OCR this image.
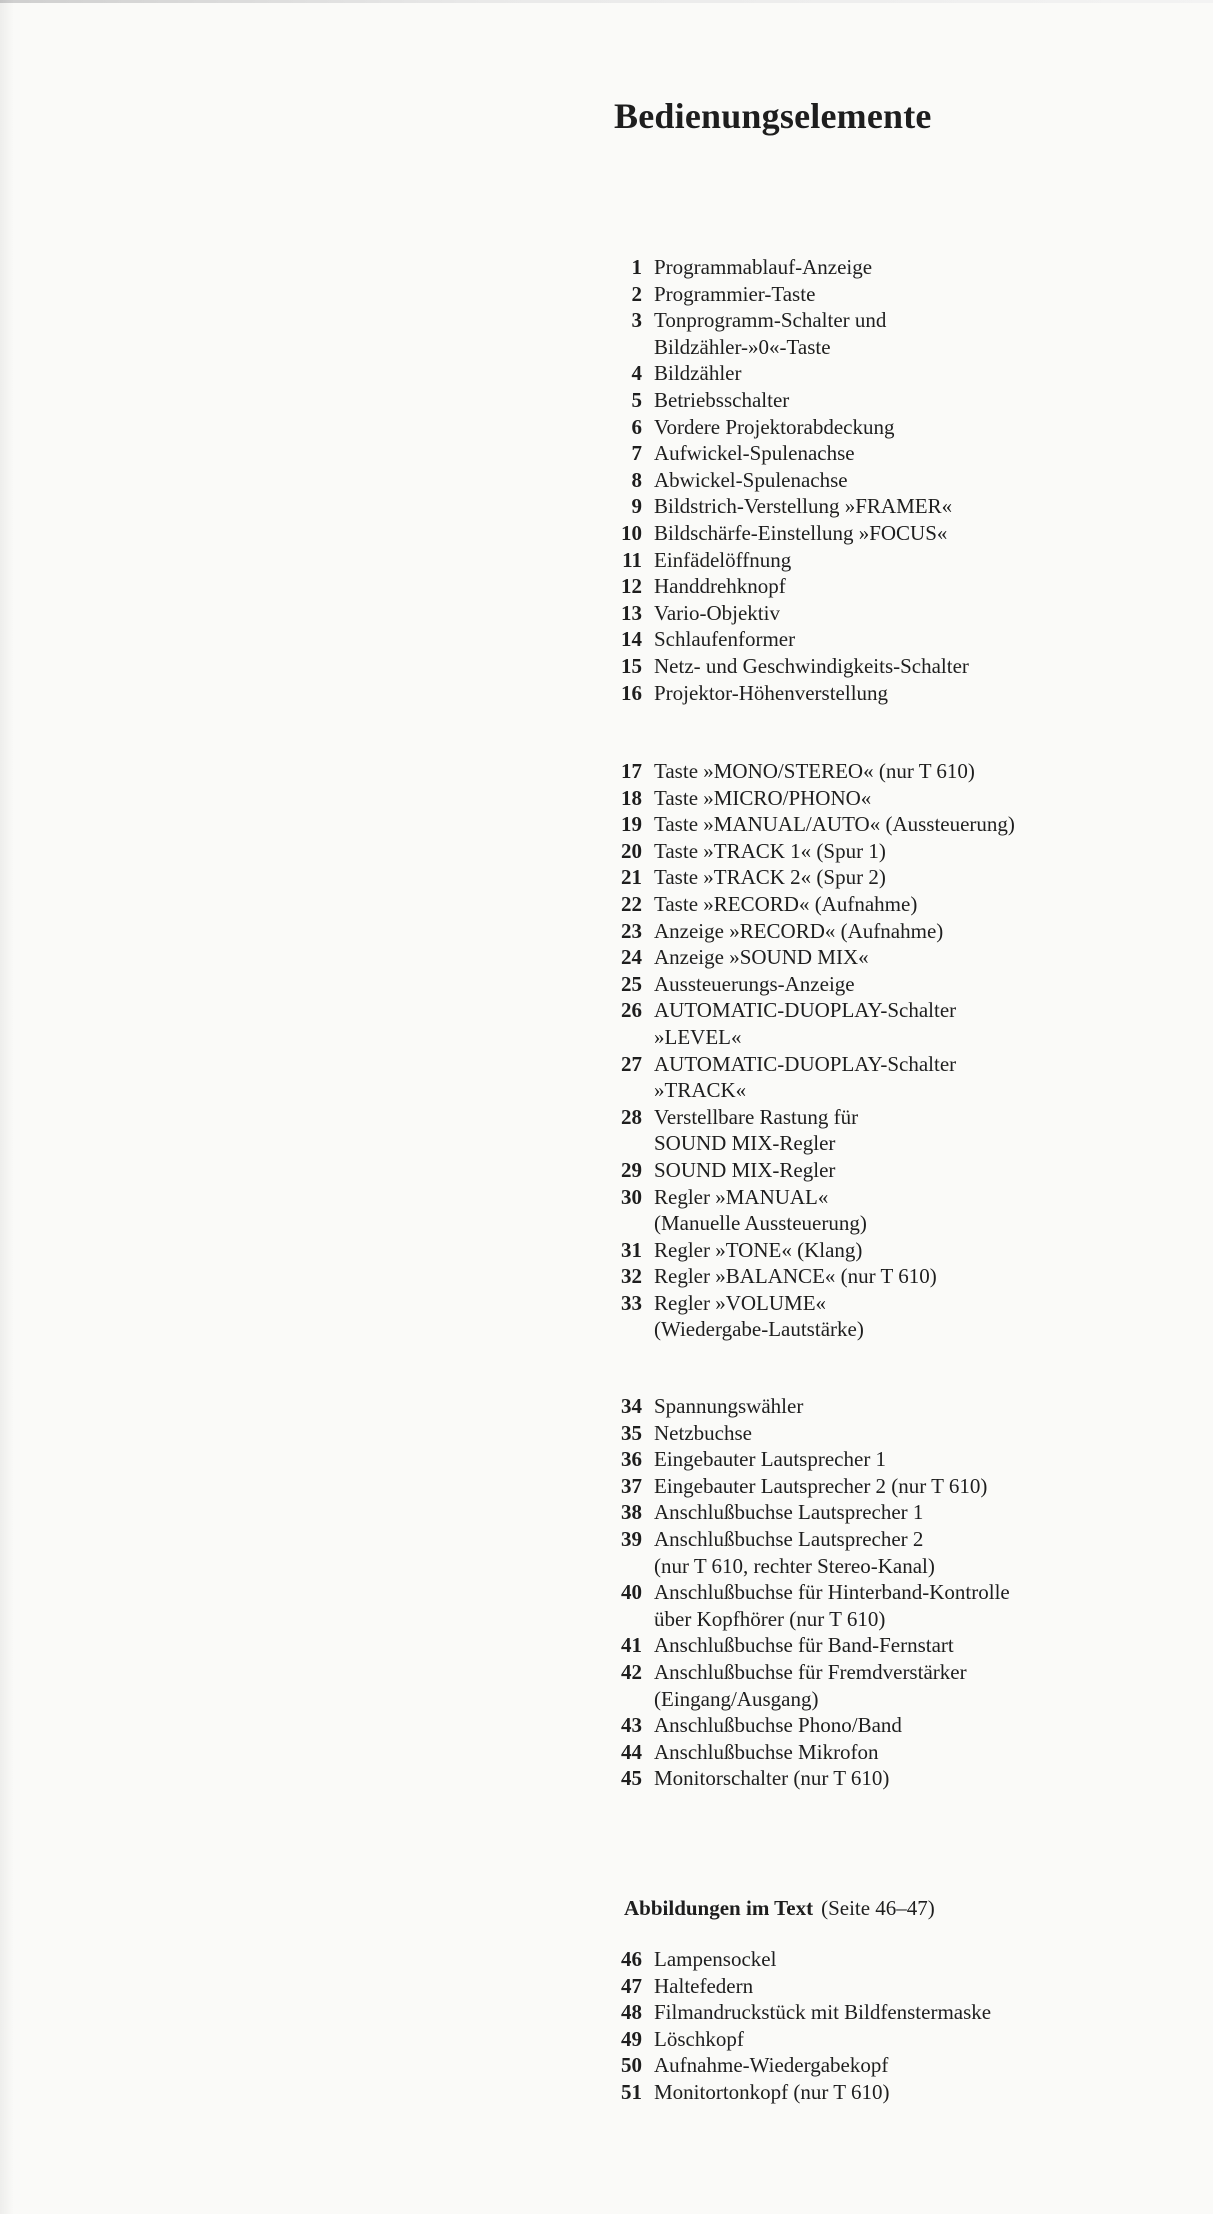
Bedienungselemente
1 Programmablauf-Anzeige
2 Programmier-Taste
3 Tonprogramm-Schalter und
Bildzähler-»0«-Taste
4 Bildzähler
5 Betriebsschalter
6 Vordere Projektorabdeckung
7 Aufwickel-Spulenachse
8 Abwickel-Spulenachse
9 Bildstrich-Verstellung »FRAMER«
10 Bildschärfe-Einstellung »FOCUS«
11 Einfädelöffnung
12 Handdrehknopf
13 Vario-Objektiv
14 Schlaufenformer
15 Netz- und Geschwindigkeits-Schalter
16 Projektor-Höhenverstellung
17 Taste »MONO/STEREO« (nur T 610)
18 Taste »MICRO/PHONO«
19 Taste »MANUAL/AUTO« (Aussteuerung)
20 Taste »TRACK 1« (Spur 1)
21 Taste »TRACK 2« (Spur 2)
22 Taste »RECORD« (Aufnahme)
23 Anzeige »RECORD« (Aufnahme)
24 Anzeige »SOUND MIX«
25 Aussteuerungs-Anzeige
26 AUTOMATIC-DUOPLAY-Schalter
»LEVEL«
27 AUTOMATIC-DUOPLAY-Schalter
»TRACK«
28 Verstellbare Rastung für
SOUND MIX-Regler
29 SOUND MIX-Regler
30 Regler »MANUAL«
(Manuelle Aussteuerung)
31 Regler »TONE« (Klang)
32 Regler »BALANCE« (nur T 610)
33 Regler »VOLUME«
(Wiedergabe-Lautstärke)
34 Spannungswähler
35 Netzbuchse
36 Eingebauter Lautsprecher 1
37 Eingebauter Lautsprecher 2 (nur T 610)
38 Anschlußbuchse Lautsprecher 1
39 Anschlußbuchse Lautsprecher 2
(nur T 610, rechter Stereo-Kanal)
40 Anschlußbuchse für Hinterband-Kontrolle
über Kopfhörer (nur T 610)
41 Anschlußbuchse für Band-Fernstart
42 Anschlußbuchse für Fremdverstärker
(Eingang/Ausgang)
43 Anschlußbuchse Phono/Band
44 Anschlußbuchse Mikrofon
45 Monitorschalter (nur T 610)
Abbildungen im Text (Seite 46–47)
46 Lampensockel
47 Haltefedern
48 Filmandruckstück mit Bildfenstermaske
49 Löschkopf
50 Aufnahme-Wiedergabekopf
51 Monitortonkopf (nur T 610)
